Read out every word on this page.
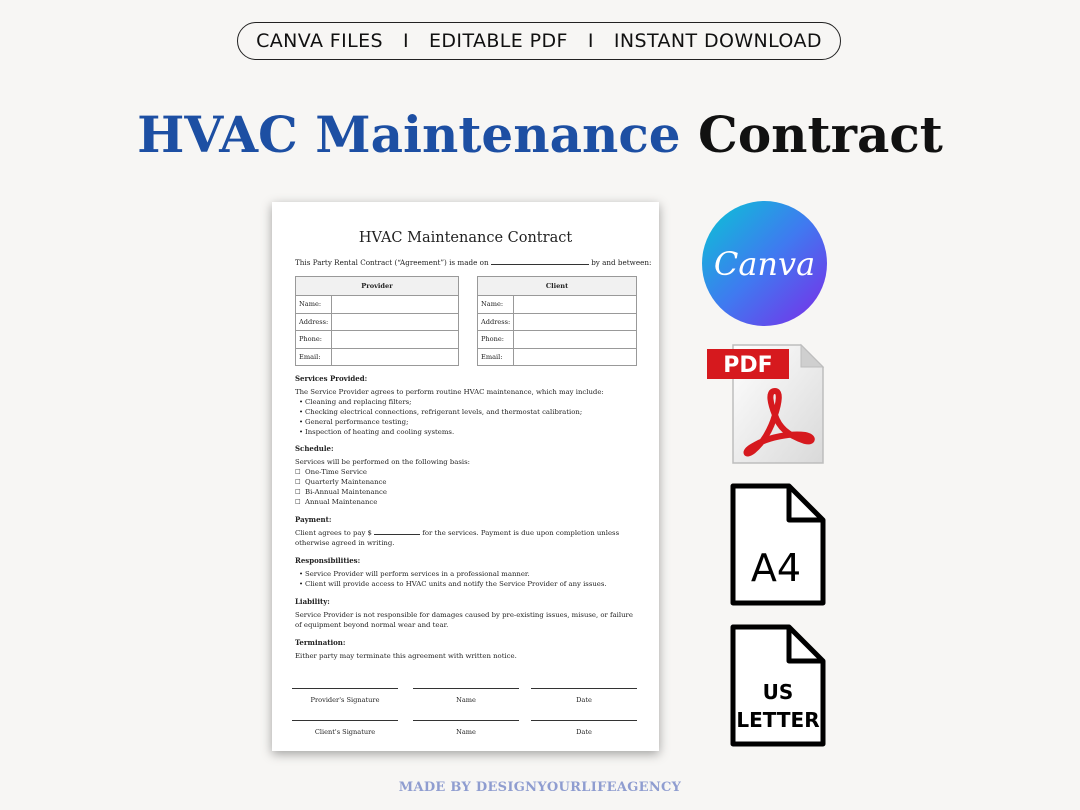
CANVA FILES I EDITABLE PDF I INSTANT DOWNLOAD
HVAC Maintenance Contract
HVAC Maintenance Contract
This Party Rental Contract (“Agreement”) is made on	by and between:
Provider	
Name:	
Address:	
Phone:	
Email:	
Client	
Name:	
Address:	
Phone:	
Email:	
Services Provided:

The Service Provider agrees to perform routine HVAC maintenance, which may include:

• Cleaning and replacing filters;
• Checking electrical connections, refrigerant levels, and thermostat calibration;
• General performance testing;
• Inspection of heating and cooling systems.
Schedule:

Services will be performed on the following basis:

□ One-Time Service
□ Quarterly Maintenance
□ Bi-Annual Maintenance
□ Annual Maintenance
Payment:

Client agrees to pay $	for the services. Payment is due upon completion unless otherwise agreed in writing.

Responsibilities:
• Service Provider will perform services in a professional manner.
• Client will provide access to HVAC units and notify the Service Provider of any issues.
Liability:

Service Provider is not responsible for damages caused by pre-existing issues, misuse, or failure of equipment beyond normal wear and tear.

Termination:

Either party may terminate this agreement with written notice.

Provider's Signature	Name	Date
Client's Signature	Name	Date
Canva
PDF
A4
US
LETTER
MADE BY DESIGNYOURLIFEAGENCY
